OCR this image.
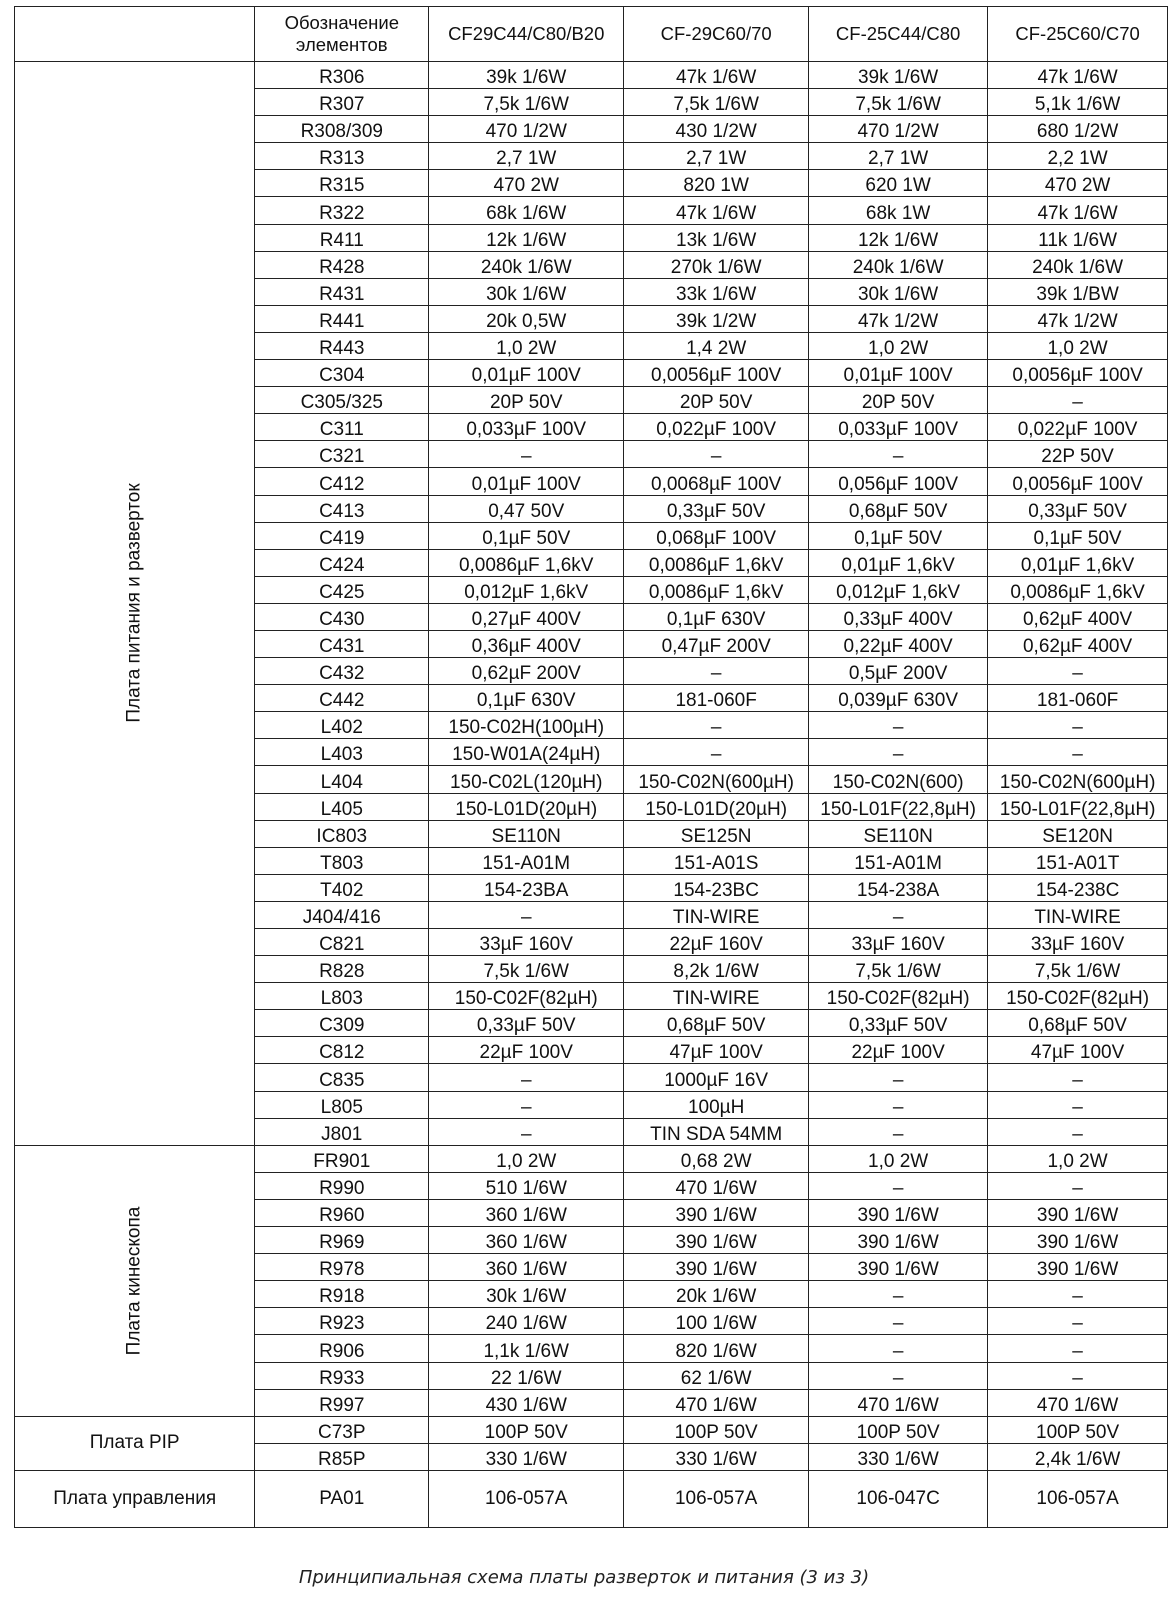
	Обозначение элементов	CF29C44/C80/B20	CF-29C60/70	CF-25C44/C80	CF-25C60/C70
Плата питания и разверток	R306	39k 1/6W	47k 1/6W	39k 1/6W	47k 1/6W
	R307	7,5k 1/6W	7,5k 1/6W	7,5k 1/6W	5,1k 1/6W
	R308/309	470 1/2W	430 1/2W	470 1/2W	680 1/2W
	R313	2,7 1W	2,7 1W	2,7 1W	2,2 1W
	R315	470 2W	820 1W	620 1W	470 2W
	R322	68k 1/6W	47k 1/6W	68k 1W	47k 1/6W
	R411	12k 1/6W	13k 1/6W	12k 1/6W	11k 1/6W
	R428	240k 1/6W	270k 1/6W	240k 1/6W	240k 1/6W
	R431	30k 1/6W	33k 1/6W	30k 1/6W	39k 1/BW
	R441	20k 0,5W	39k 1/2W	47k 1/2W	47k 1/2W
	R443	1,0 2W	1,4 2W	1,0 2W	1,0 2W
	C304	0,01µF 100V	0,0056µF 100V	0,01µF 100V	0,0056µF 100V
	C305/325	20P 50V	20P 50V	20P 50V	–
	C311	0,033µF 100V	0,022µF 100V	0,033µF 100V	0,022µF 100V
	C321	–	–	–	22P 50V
	C412	0,01µF 100V	0,0068µF 100V	0,056µF 100V	0,0056µF 100V
	C413	0,47 50V	0,33µF 50V	0,68µF 50V	0,33µF 50V
	C419	0,1µF 50V	0,068µF 100V	0,1µF 50V	0,1µF 50V
	C424	0,0086µF 1,6kV	0,0086µF 1,6kV	0,01µF 1,6kV	0,01µF 1,6kV
	C425	0,012µF 1,6kV	0,0086µF 1,6kV	0,012µF 1,6kV	0,0086µF 1,6kV
	C430	0,27µF 400V	0,1µF 630V	0,33µF 400V	0,62µF 400V
	C431	0,36µF 400V	0,47µF 200V	0,22µF 400V	0,62µF 400V
	C432	0,62µF 200V	–	0,5µF 200V	–
	C442	0,1µF 630V	181-060F	0,039µF 630V	181-060F
	L402	150-C02H(100µH)	–	–	–
	L403	150-W01A(24µH)	–	–	–
	L404	150-C02L(120µH)	150-C02N(600µH)	150-C02N(600)	150-C02N(600µH)
	L405	150-L01D(20µH)	150-L01D(20µH)	150-L01F(22,8µH)	150-L01F(22,8µH)
	IC803	SE110N	SE125N	SE110N	SE120N
	T803	151-A01M	151-A01S	151-A01M	151-A01T
	T402	154-23BA	154-23BC	154-238A	154-238C
	J404/416	–	TIN-WIRE	–	TIN-WIRE
	C821	33µF 160V	22µF 160V	33µF 160V	33µF 160V
	R828	7,5k 1/6W	8,2k 1/6W	7,5k 1/6W	7,5k 1/6W
	L803	150-C02F(82µH)	TIN-WIRE	150-C02F(82µH)	150-C02F(82µH)
	C309	0,33µF 50V	0,68µF 50V	0,33µF 50V	0,68µF 50V
	C812	22µF 100V	47µF 100V	22µF 100V	47µF 100V
	C835	–	1000µF 16V	–	–
	L805	–	100µH	–	–
	J801	–	TIN SDA 54MM	–	–
Плата кинескопа	FR901	1,0 2W	0,68 2W	1,0 2W	1,0 2W
	R990	510 1/6W	470 1/6W	–	–
	R960	360 1/6W	390 1/6W	390 1/6W	390 1/6W
	R969	360 1/6W	390 1/6W	390 1/6W	390 1/6W
	R978	360 1/6W	390 1/6W	390 1/6W	390 1/6W
	R918	30k 1/6W	20k 1/6W	–	–
	R923	240 1/6W	100 1/6W	–	–
	R906	1,1k 1/6W	820 1/6W	–	–
	R933	22 1/6W	62 1/6W	–	–
	R997	430 1/6W	470 1/6W	470 1/6W	470 1/6W
Плата PIP	C73P	100P 50V	100P 50V	100P 50V	100P 50V
	R85P	330 1/6W	330 1/6W	330 1/6W	2,4k 1/6W
Плата управления	PA01	106-057A	106-057A	106-047C	106-057A
Принципиальная схема платы разверток и питания (3 из 3)
